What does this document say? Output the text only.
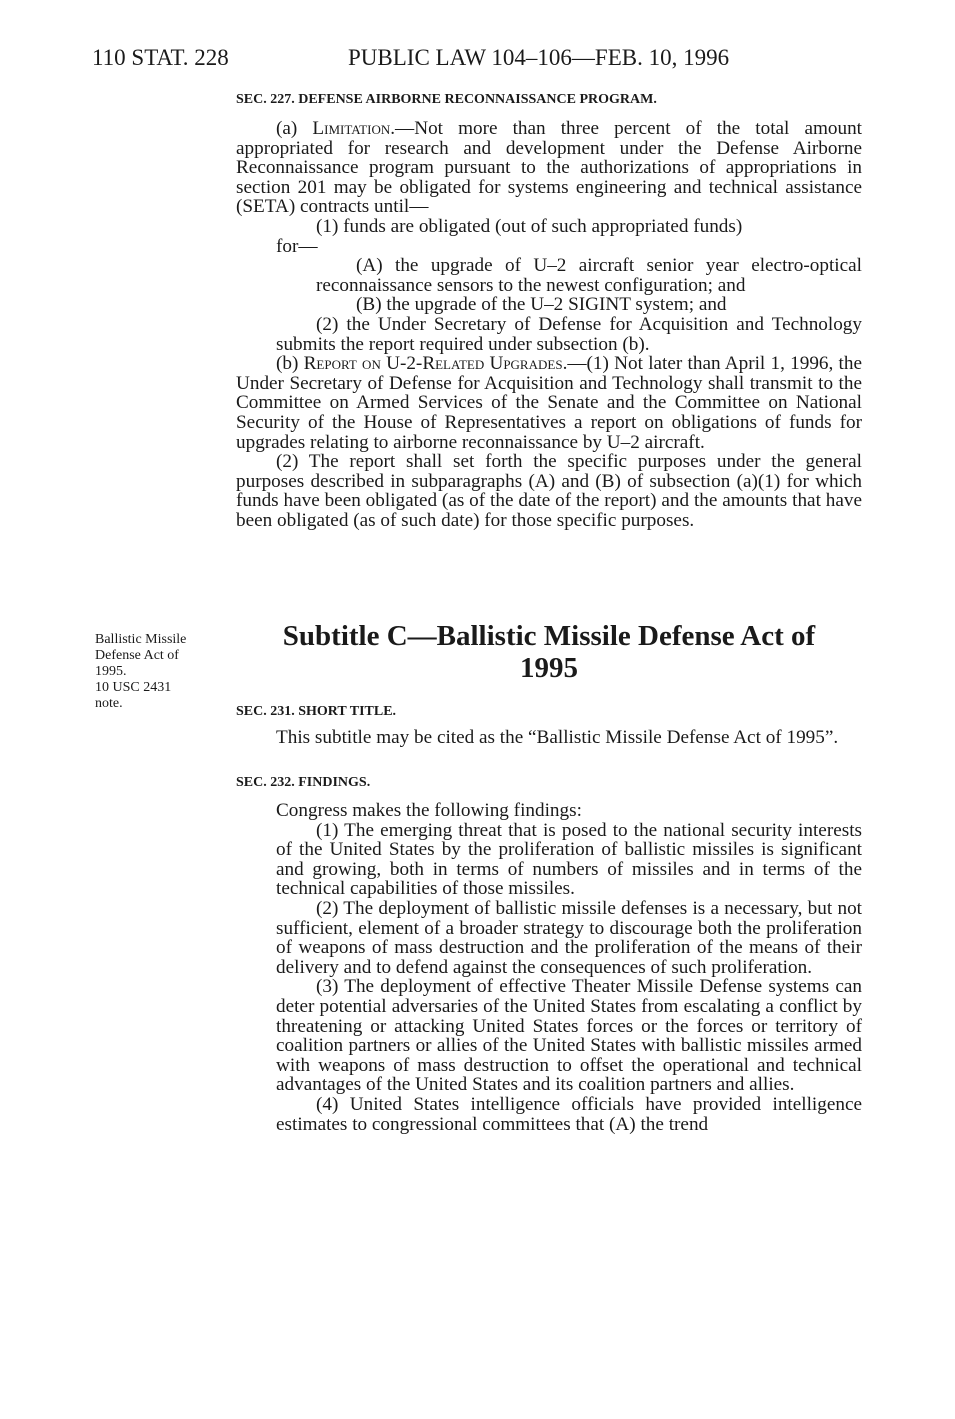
110 STAT. 228	PUBLIC LAW 104–106—FEB. 10, 1996
SEC. 227. DEFENSE AIRBORNE RECONNAISSANCE PROGRAM.

(a) Limitation.—Not more than three percent of the total amount appropriated for research and development under the Defense Airborne Reconnaissance program pursuant to the authorizations of appropriations in section 201 may be obligated for systems engineering and technical assistance (SETA) contracts until—

(1) funds are obligated (out of such appropriated funds)

for—

(A) the upgrade of U–2 aircraft senior year electro-optical reconnaissance sensors to the newest configuration; and

(B) the upgrade of the U–2 SIGINT system; and

(2) the Under Secretary of Defense for Acquisition and Technology submits the report required under subsection (b).

(b) Report on U-2-Related Upgrades.—(1) Not later than April 1, 1996, the Under Secretary of Defense for Acquisition and Technology shall transmit to the Committee on Armed Services of the Senate and the Committee on National Security of the House of Representatives a report on obligations of funds for upgrades relating to airborne reconnaissance by U–2 aircraft.

(2) The report shall set forth the specific purposes under the general purposes described in subparagraphs (A) and (B) of subsection (a)(1) for which funds have been obligated (as of the date of the report) and the amounts that have been obligated (as of such date) for those specific purposes.

Ballistic Missile
Defense Act of
1995.
10 USC 2431
note.
Subtitle C—Ballistic Missile Defense Act of
1995
SEC. 231. SHORT TITLE.

This subtitle may be cited as the “Ballistic Missile Defense Act of 1995”.

SEC. 232. FINDINGS.

Congress makes the following findings:

(1) The emerging threat that is posed to the national security interests of the United States by the proliferation of ballistic missiles is significant and growing, both in terms of numbers of missiles and in terms of the technical capabilities of those missiles.

(2) The deployment of ballistic missile defenses is a necessary, but not sufficient, element of a broader strategy to discourage both the proliferation of weapons of mass destruction and the proliferation of the means of their delivery and to defend against the consequences of such proliferation.

(3) The deployment of effective Theater Missile Defense systems can deter potential adversaries of the United States from escalating a conflict by threatening or attacking United States forces or the forces or territory of coalition partners or allies of the United States with ballistic missiles armed with weapons of mass destruction to offset the operational and technical advantages of the United States and its coalition partners and allies.

(4) United States intelligence officials have provided intelligence estimates to congressional committees that (A) the trend
